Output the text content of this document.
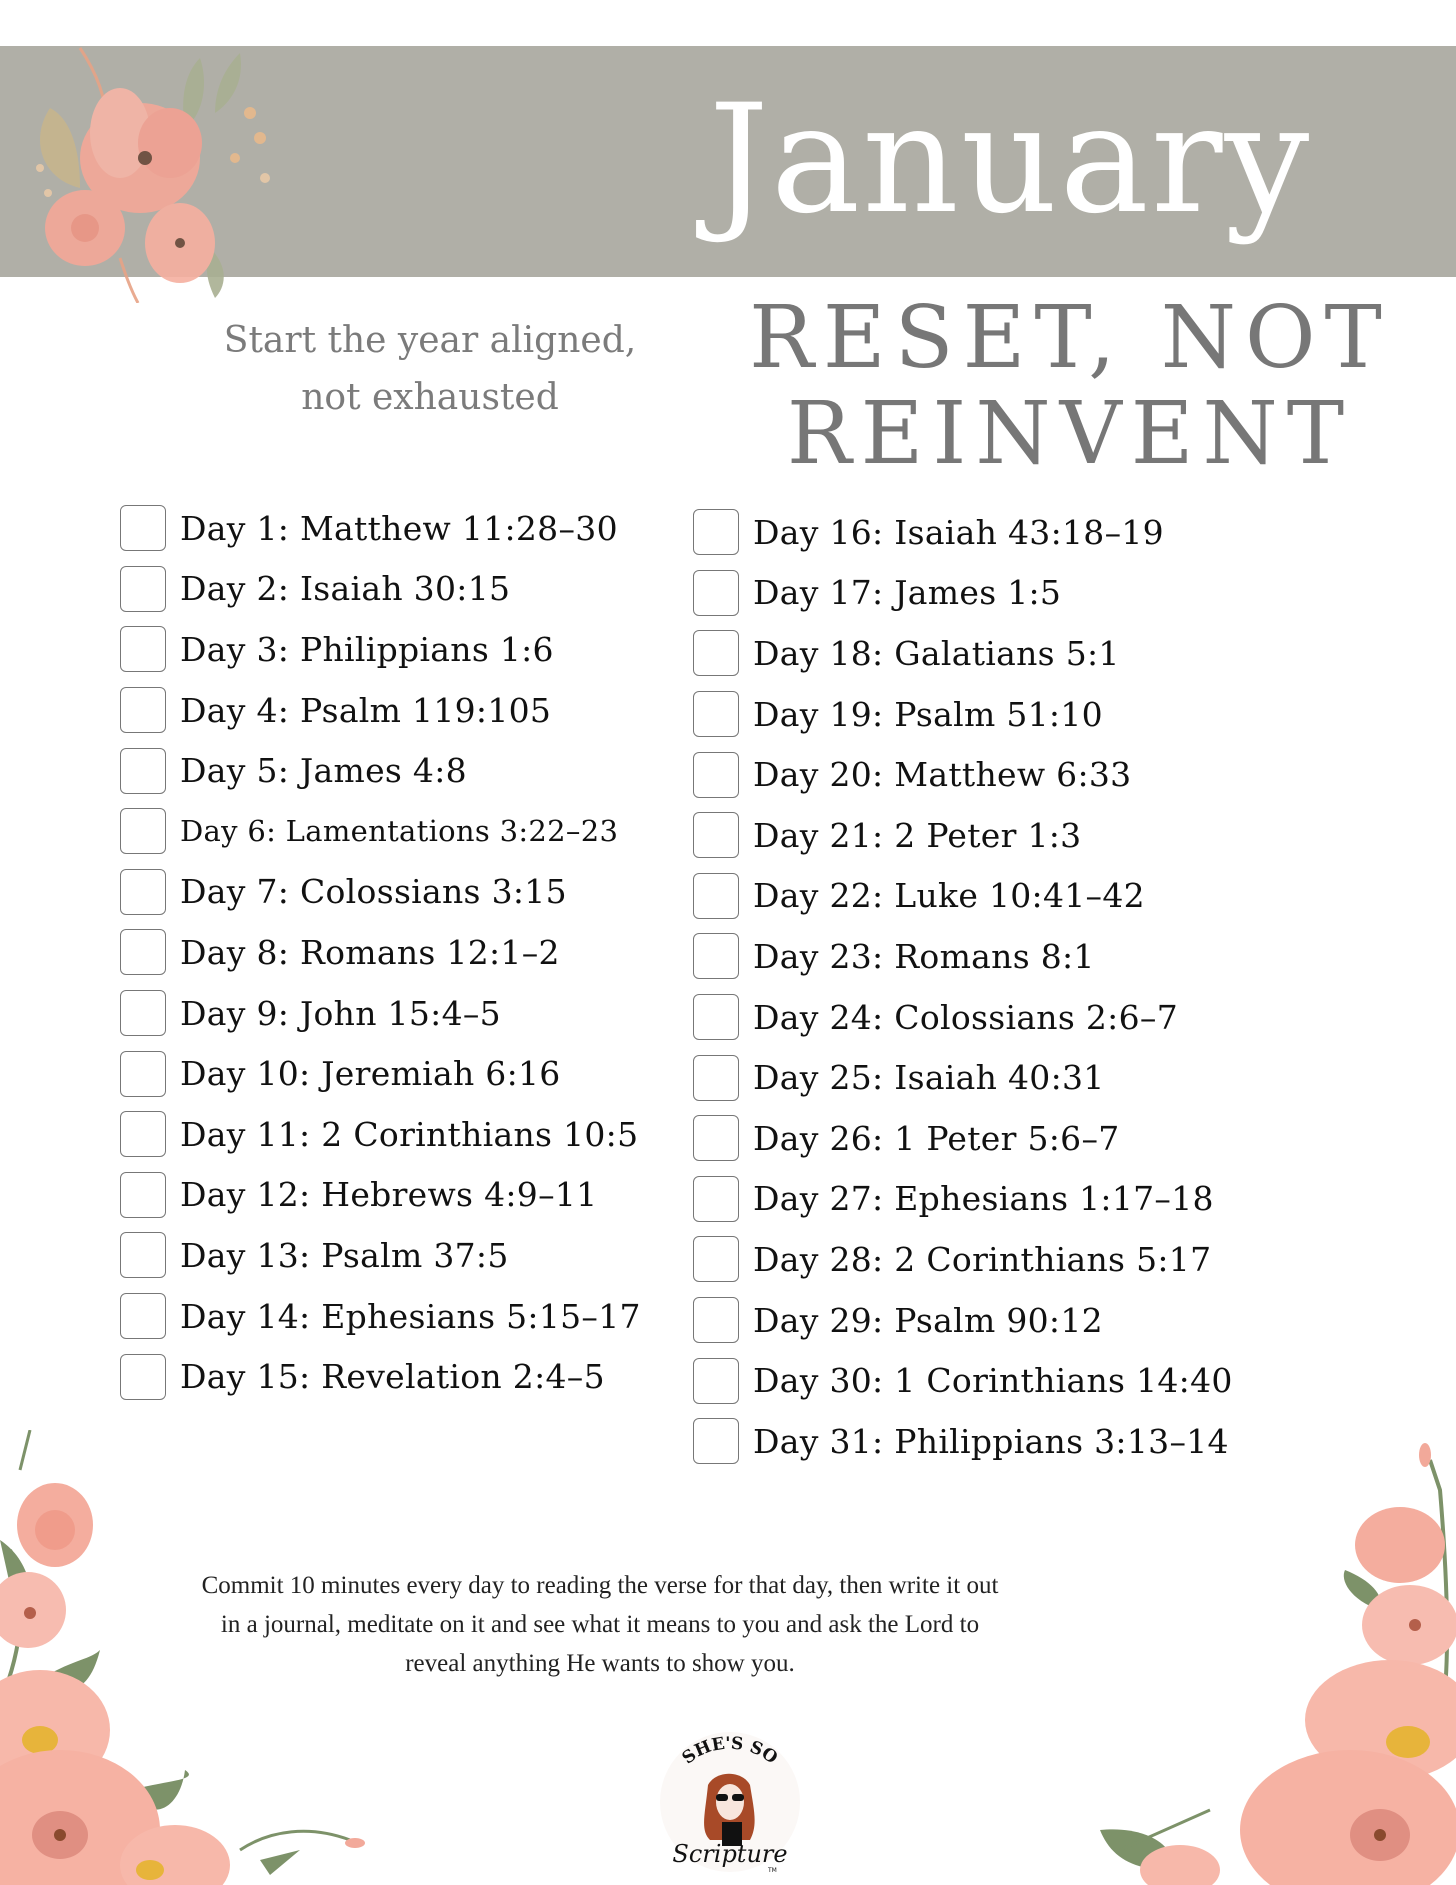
January
Start the year aligned,
not exhausted
RESET, NOT
REINVENT
Day 1: Matthew 11:28–30
Day 2: Isaiah 30:15
Day 3: Philippians 1:6
Day 4: Psalm 119:105
Day 5: James 4:8
Day 6: Lamentations 3:22–23
Day 7: Colossians 3:15
Day 8: Romans 12:1–2
Day 9: John 15:4–5
Day 10: Jeremiah 6:16
Day 11: 2 Corinthians 10:5
Day 12: Hebrews 4:9–11
Day 13: Psalm 37:5
Day 14: Ephesians 5:15–17
Day 15: Revelation 2:4–5
Day 16: Isaiah 43:18–19
Day 17: James 1:5
Day 18: Galatians 5:1
Day 19: Psalm 51:10
Day 20: Matthew 6:33
Day 21: 2 Peter 1:3
Day 22: Luke 10:41–42
Day 23: Romans 8:1
Day 24: Colossians 2:6–7
Day 25: Isaiah 40:31
Day 26: 1 Peter 5:6–7
Day 27: Ephesians 1:17–18
Day 28: 2 Corinthians 5:17
Day 29: Psalm 90:12
Day 30: 1 Corinthians 14:40
Day 31: Philippians 3:13–14
Commit 10 minutes every day to reading the verse for that day, then write it out
in a journal, meditate on it and see what it means to you and ask the Lord to
reveal anything He wants to show you.
SHE'S SO
Scripture
TM
